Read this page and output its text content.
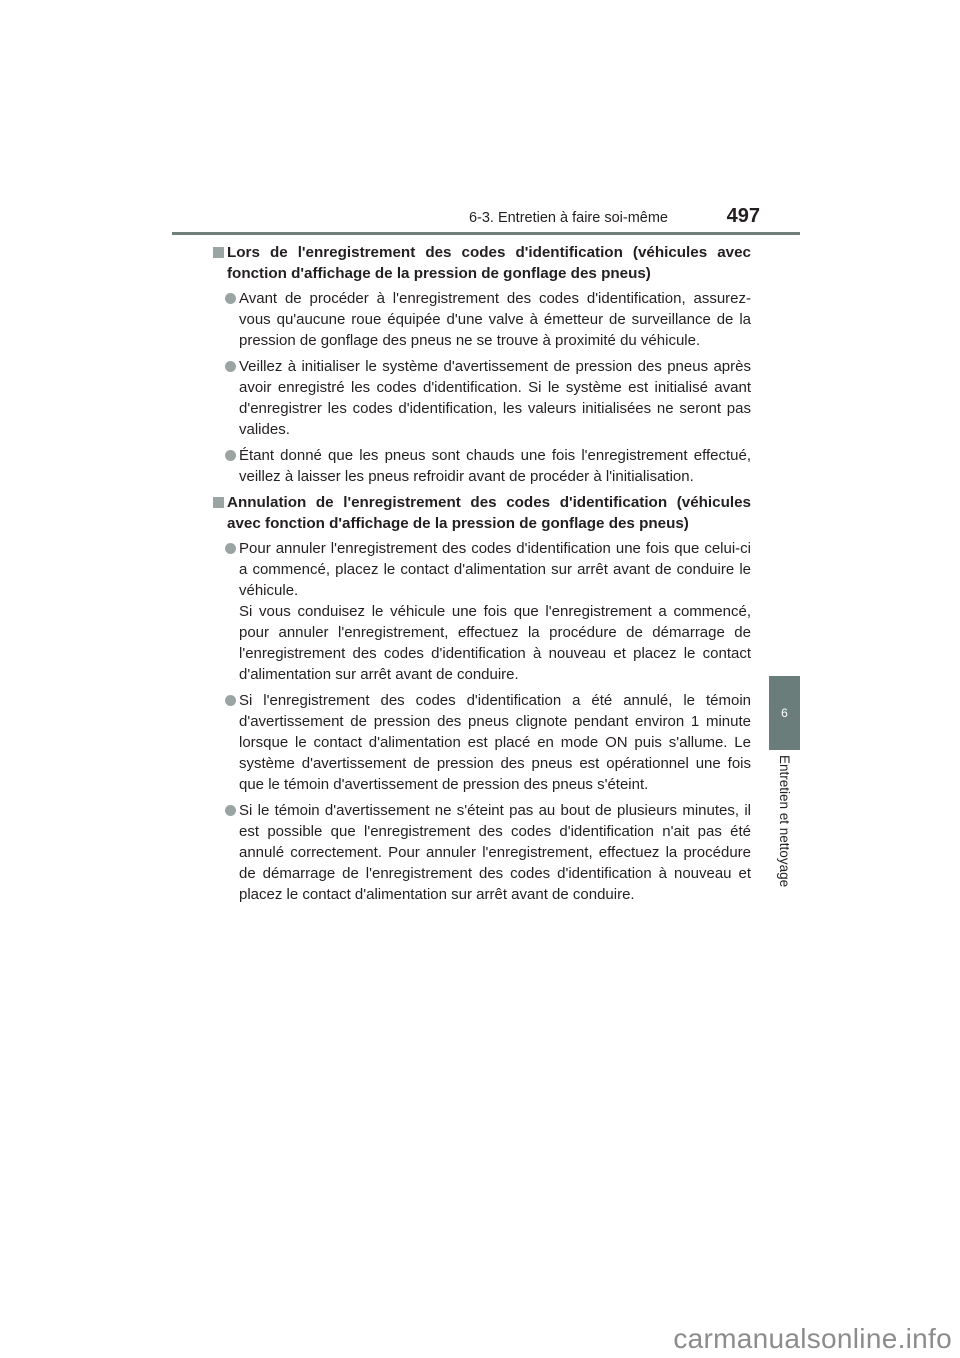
6-3. Entretien à faire soi-même	497
Lors de l'enregistrement des codes d'identification (véhicules avec fonction d'affichage de la pression de gonflage des pneus)

Avant de procéder à l'enregistrement des codes d'identification, assurez-vous qu'aucune roue équipée d'une valve à émetteur de surveillance de la pression de gonflage des pneus ne se trouve à proximité du véhicule.

Veillez à initialiser le système d'avertissement de pression des pneus après avoir enregistré les codes d'identification. Si le système est initialisé avant d'enregistrer les codes d'identification, les valeurs initialisées ne seront pas valides.

Étant donné que les pneus sont chauds une fois l'enregistrement effectué, veillez à laisser les pneus refroidir avant de procéder à l'initialisation.

Annulation de l'enregistrement des codes d'identification (véhicules avec fonction d'affichage de la pression de gonflage des pneus)

Pour annuler l'enregistrement des codes d'identification une fois que celui-ci a commencé, placez le contact d'alimentation sur arrêt avant de conduire le véhicule.

Si vous conduisez le véhicule une fois que l'enregistrement a commencé, pour annuler l'enregistrement, effectuez la procédure de démarrage de l'enregistrement des codes d'identification à nouveau et placez le contact d'alimentation sur arrêt avant de conduire.

Si l'enregistrement des codes d'identification a été annulé, le témoin d'avertissement de pression des pneus clignote pendant environ 1 minute lorsque le contact d'alimentation est placé en mode ON puis s'allume. Le système d'avertissement de pression des pneus est opérationnel une fois que le témoin d'avertissement de pression des pneus s'éteint.

Si le témoin d'avertissement ne s'éteint pas au bout de plusieurs minutes, il est possible que l'enregistrement des codes d'identification n'ait pas été annulé correctement. Pour annuler l'enregistrement, effectuez la procédure de démarrage de l'enregistrement des codes d'identification à nouveau et placez le contact d'alimentation sur arrêt avant de conduire.

6
Entretien et nettoyage
carmanualsonline.info
